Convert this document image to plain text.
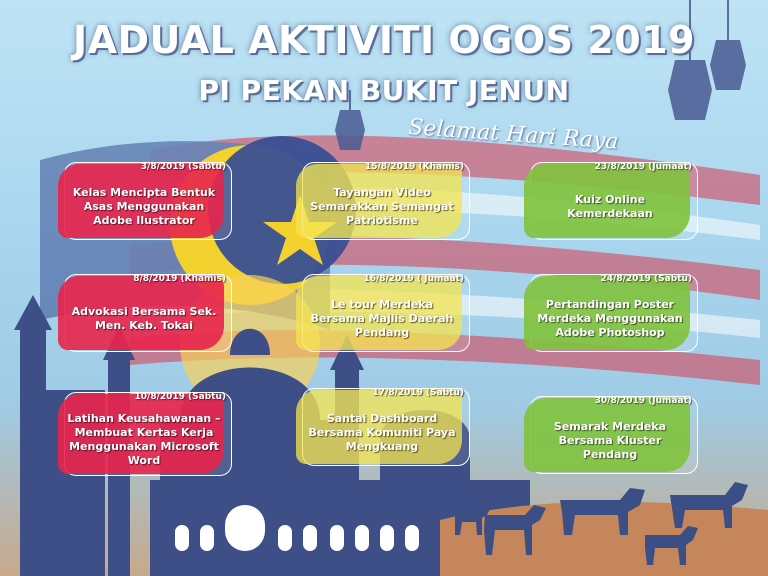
JADUAL AKTIVITI OGOS 2019
PI PEKAN BUKIT JENUN
Selamat Hari Raya
3/8/2019 (Sabtu)
Kelas Mencipta Bentuk Asas Menggunakan Adobe Ilustrator
15/8/2019 (Khamis)
Tayangan Video Semarakkan Semangat Patriotisme
23/8/2019 (Jumaat)
Kuiz Online Kemerdekaan
8/8/2019 (Khamis)
Advokasi Bersama Sek. Men. Keb. Tokai
16/8/2019 ( Jumaat)
Le tour Merdeka Bersama Majlis Daerah Pendang
24/8/2019 (Sabtu)
Pertandingan Poster Merdeka Menggunakan Adobe Photoshop
10/8/2019 (Sabtu)
Latihan Keusahawanan – Membuat Kertas Kerja Menggunakan Microsoft Word
17/8/2019 (Sabtu)
Santai Dashboard Bersama Komuniti Paya Mengkuang
30/8/2019 (Jumaat)
Semarak Merdeka Bersama Kluster Pendang
